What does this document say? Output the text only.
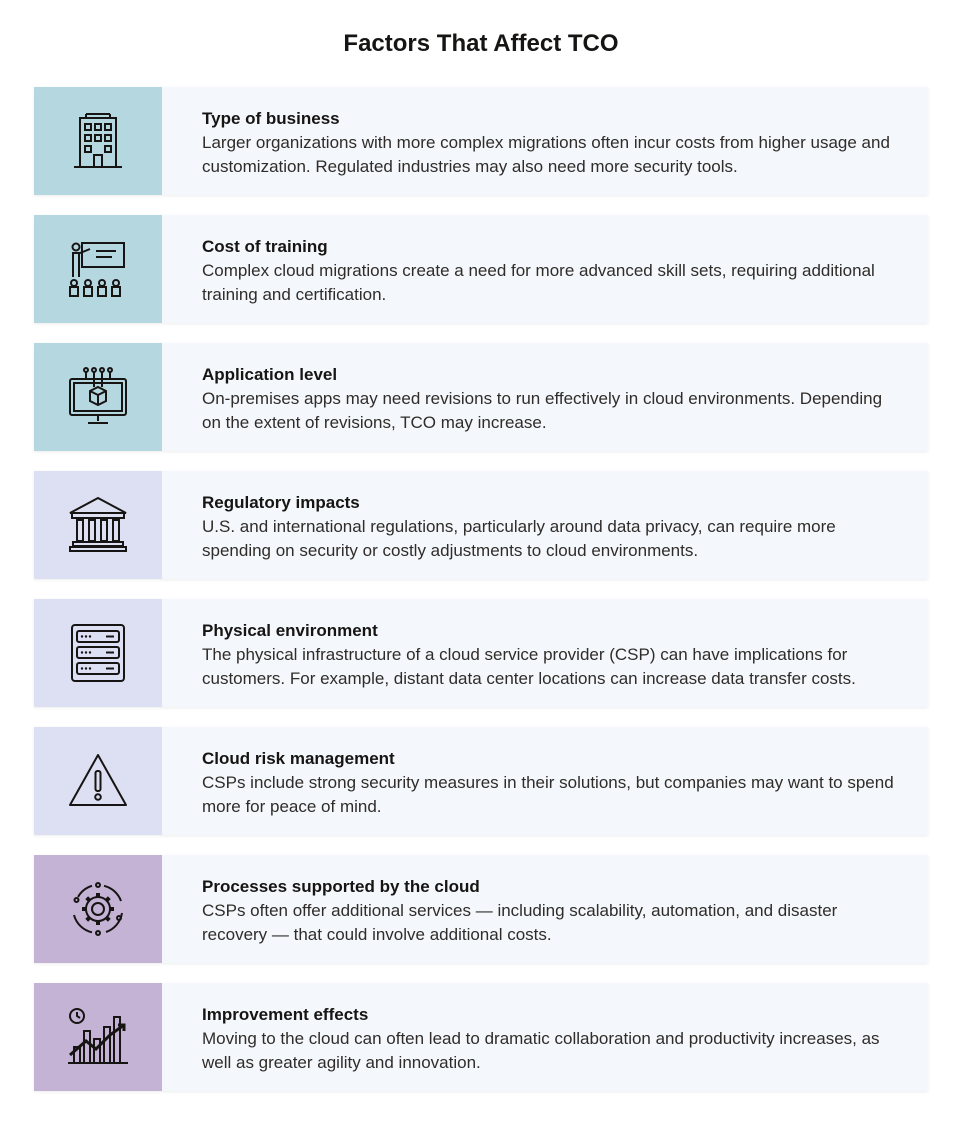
Factors That Affect TCO
Type of business
Larger organizations with more complex migrations often incur costs from higher usage and customization. Regulated industries may also need more security tools.
Cost of training
Complex cloud migrations create a need for more advanced skill sets, requiring additional training and certification.
Application level
On-premises apps may need revisions to run effectively in cloud environments. Depending on the extent of revisions, TCO may increase.
Regulatory impacts
U.S. and international regulations, particularly around data privacy, can require more spending on security or costly adjustments to cloud environments.
Physical environment
The physical infrastructure of a cloud service provider (CSP) can have implications for customers. For example, distant data center locations can increase data transfer costs.
Cloud risk management
CSPs include strong security measures in their solutions, but companies may want to spend more for peace of mind.
Processes supported by the cloud
CSPs often offer additional services — including scalability, automation, and disaster recovery — that could involve additional costs.
Improvement effects
Moving to the cloud can often lead to dramatic collaboration and productivity increases, as well as greater agility and innovation.
